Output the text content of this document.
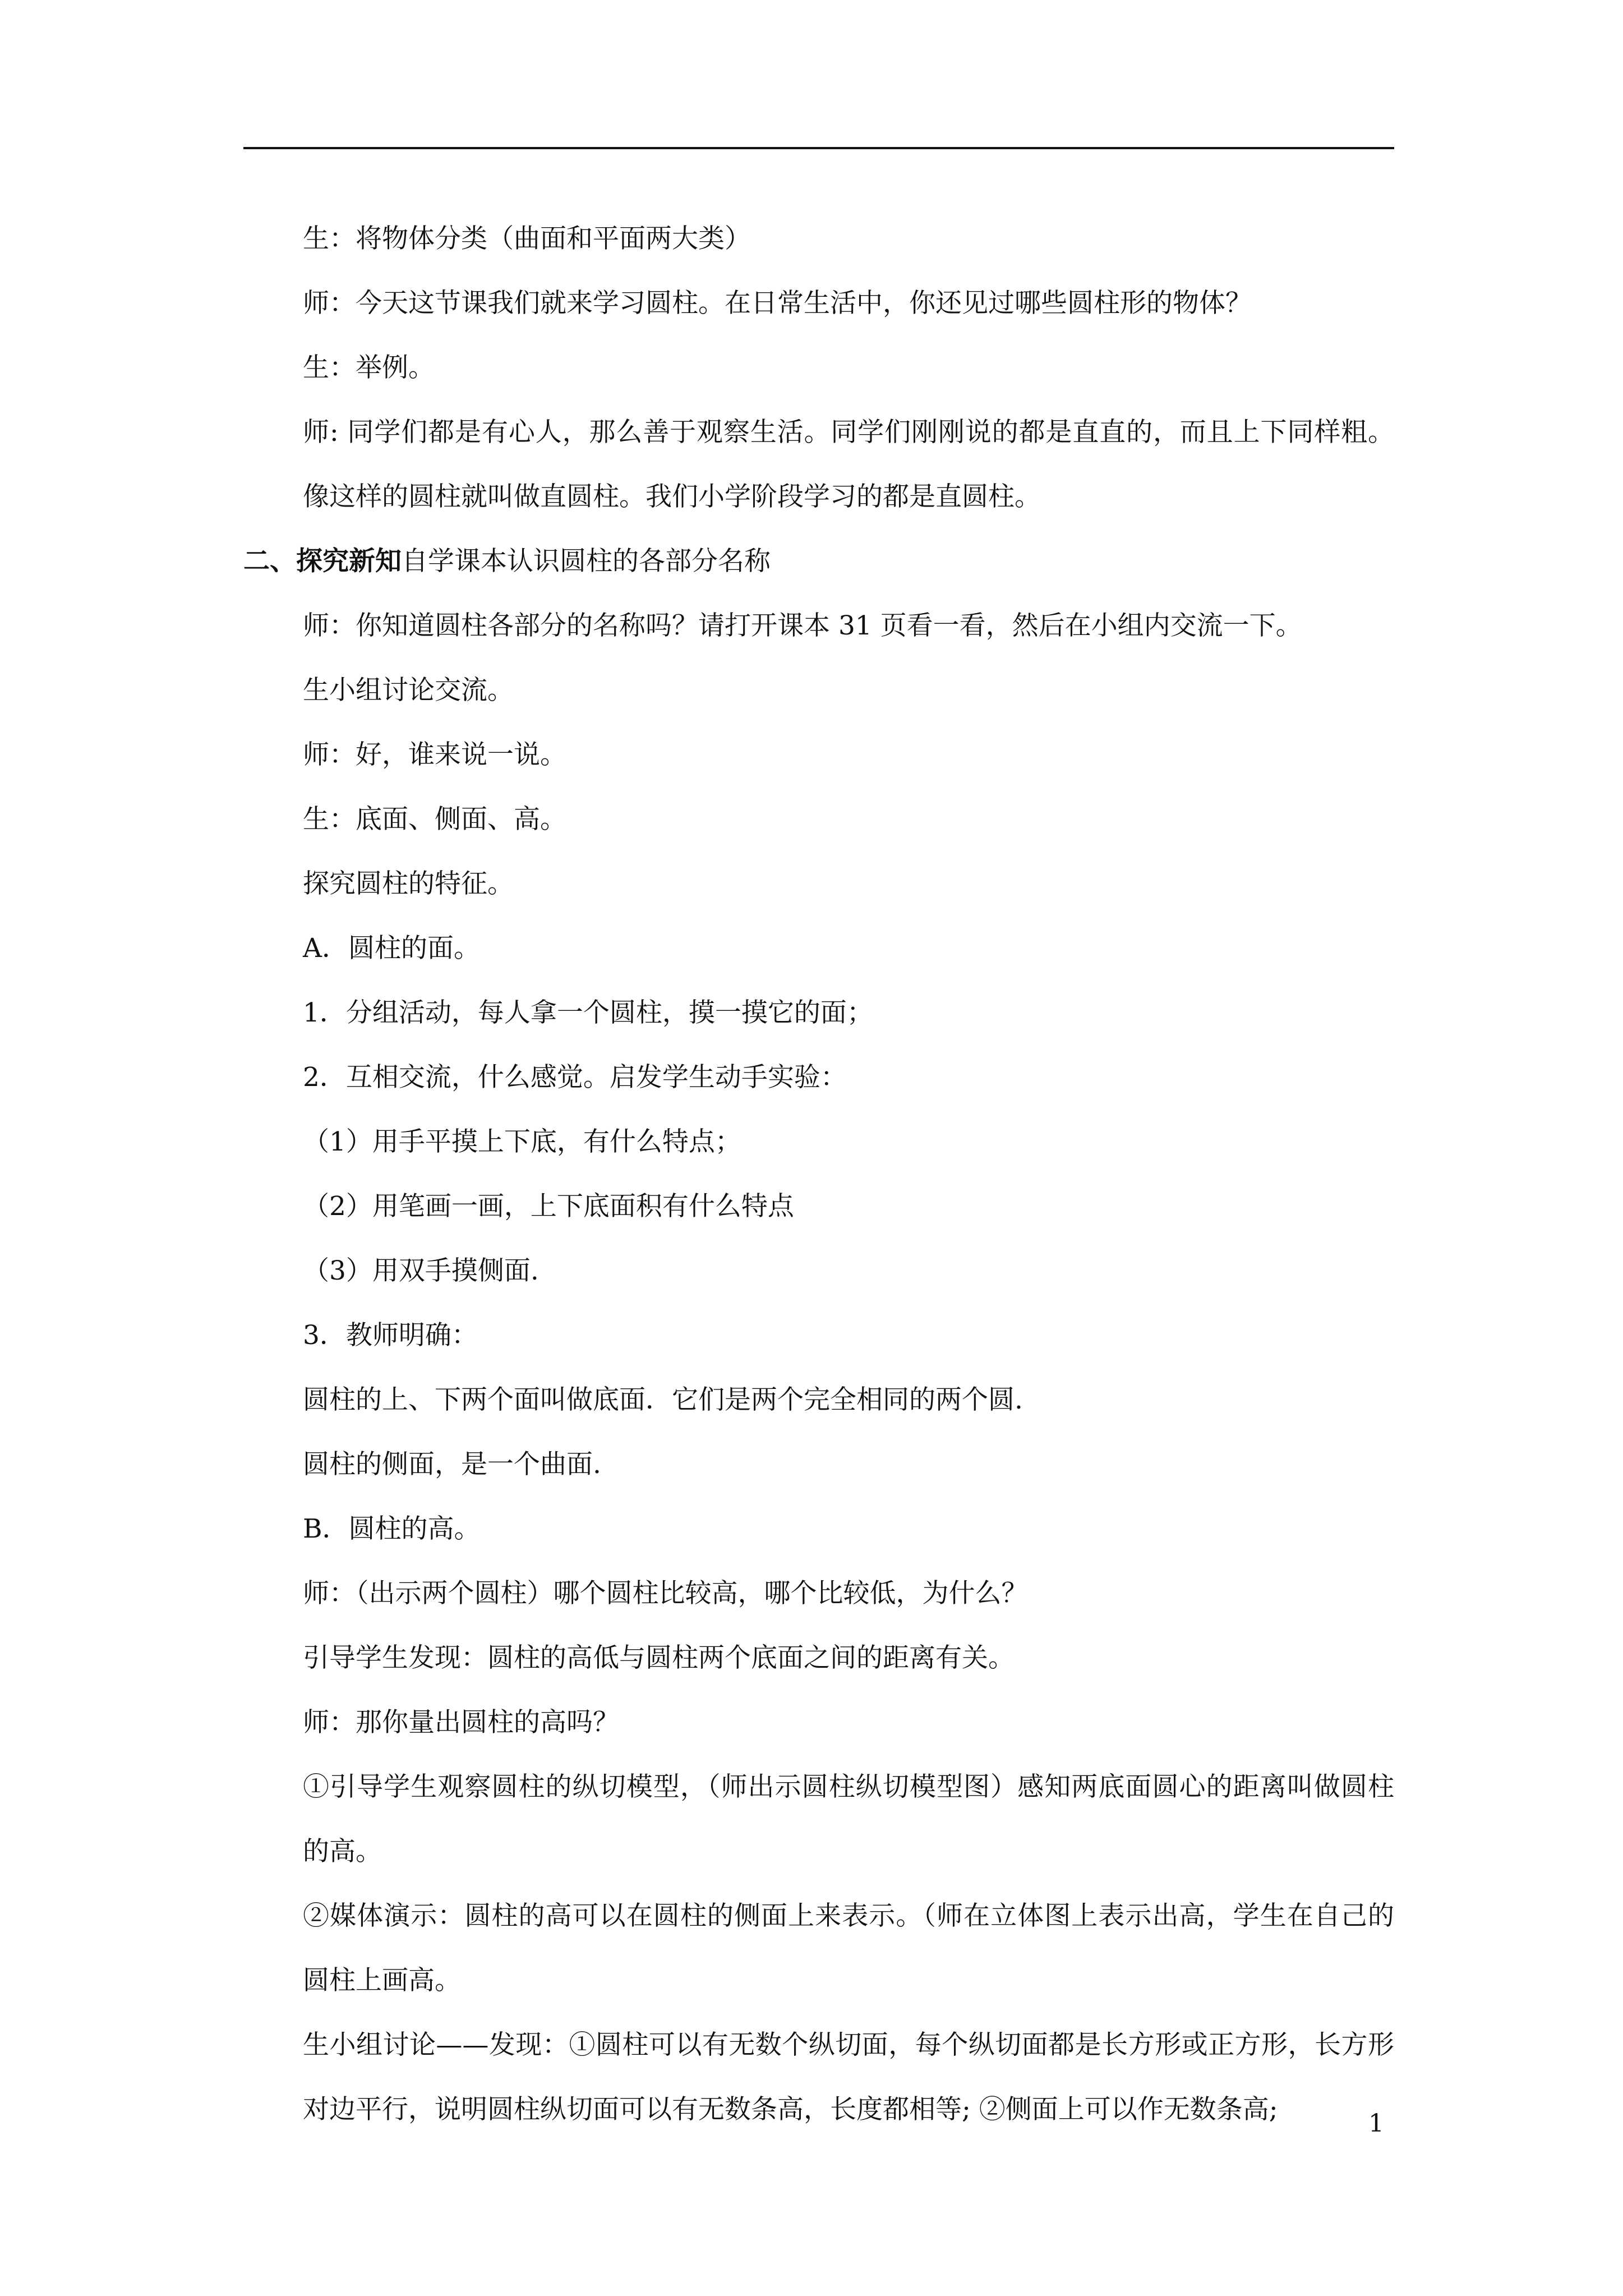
生：将物体分类（曲面和平面两大类）

师：今天这节课我们就来学习圆柱。在日常生活中，你还见过哪些圆柱形的物体？

生：举例。

师: 同学们都是有心人，那么善于观察生活。同学们刚刚说的都是直直的，而且上下同样粗。像这样的圆柱就叫做直圆柱。我们小学阶段学习的都是直圆柱。

二、探究新知自学课本认识圆柱的各部分名称

师：你知道圆柱各部分的名称吗？请打开课本 31 页看一看，然后在小组内交流一下。

生小组讨论交流。

师：好，谁来说一说。

生：底面、侧面、高。

探究圆柱的特征。

A．圆柱的面。

1．分组活动，每人拿一个圆柱，摸一摸它的面；

2．互相交流，什么感觉。启发学生动手实验：

（1）用手平摸上下底，有什么特点；

（2）用笔画一画，上下底面积有什么特点

（3）用双手摸侧面.

3．教师明确：

圆柱的上、下两个面叫做底面．它们是两个完全相同的两个圆.

圆柱的侧面，是一个曲面.

B．圆柱的高。

师：（出示两个圆柱）哪个圆柱比较高，哪个比较低，为什么？

引导学生发现：圆柱的高低与圆柱两个底面之间的距离有关。

师：那你量出圆柱的高吗？

①引导学生观察圆柱的纵切模型，（师出示圆柱纵切模型图）感知两底面圆心的距离叫做圆柱的高。

②媒体演示：圆柱的高可以在圆柱的侧面上来表示。（师在立体图上表示出高，学生在自己的圆柱上画高。

生小组讨论——发现：①圆柱可以有无数个纵切面，每个纵切面都是长方形或正方形，长方形对边平行，说明圆柱纵切面可以有无数条高，长度都相等; ②侧面上可以作无数条高;	1
